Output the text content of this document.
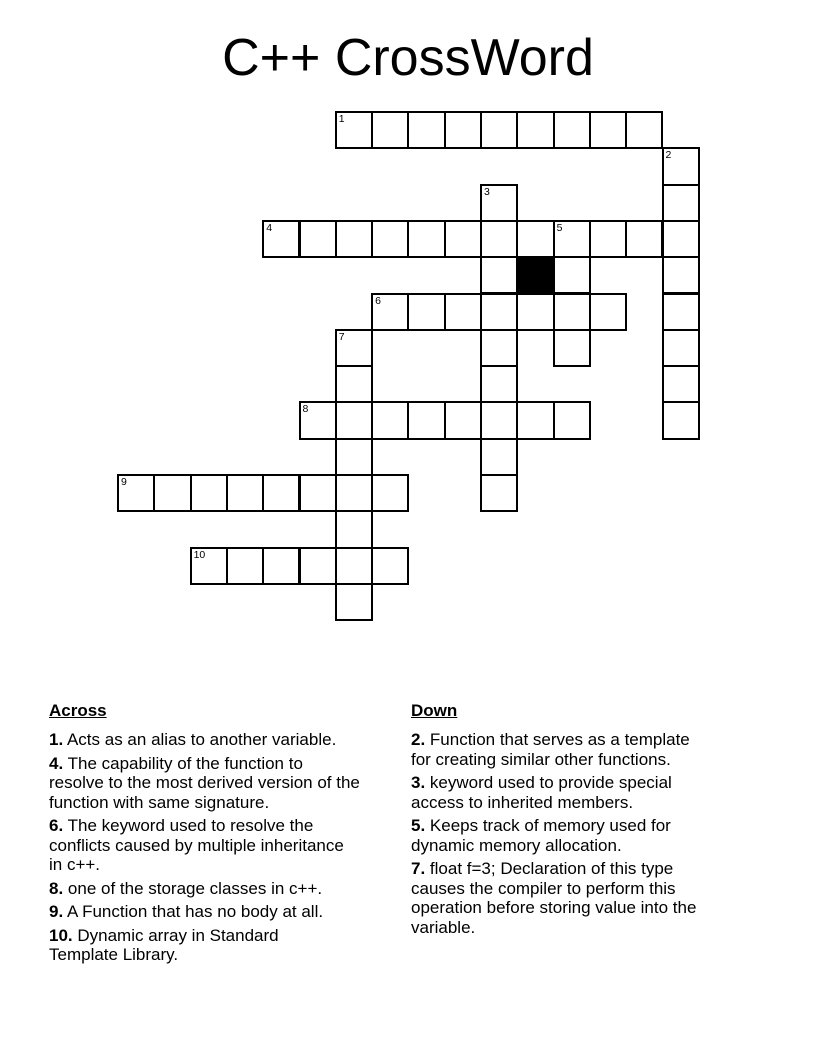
C++ CrossWord
1
2
3
4	5
6
7
8
9
10
Across
1. Acts as an alias to another variable.
4. The capability of the function to
resolve to the most derived version of the
function with same signature.
6. The keyword used to resolve the
conflicts caused by multiple inheritance
in c++.
8. one of the storage classes in c++.
9. A Function that has no body at all.
10. Dynamic array in Standard
Template Library.
Down
2. Function that serves as a template
for creating similar other functions.
3. keyword used to provide special
access to inherited members.
5. Keeps track of memory used for
dynamic memory allocation.
7. float f=3; Declaration of this type
causes the compiler to perform this
operation before storing value into the
variable.
